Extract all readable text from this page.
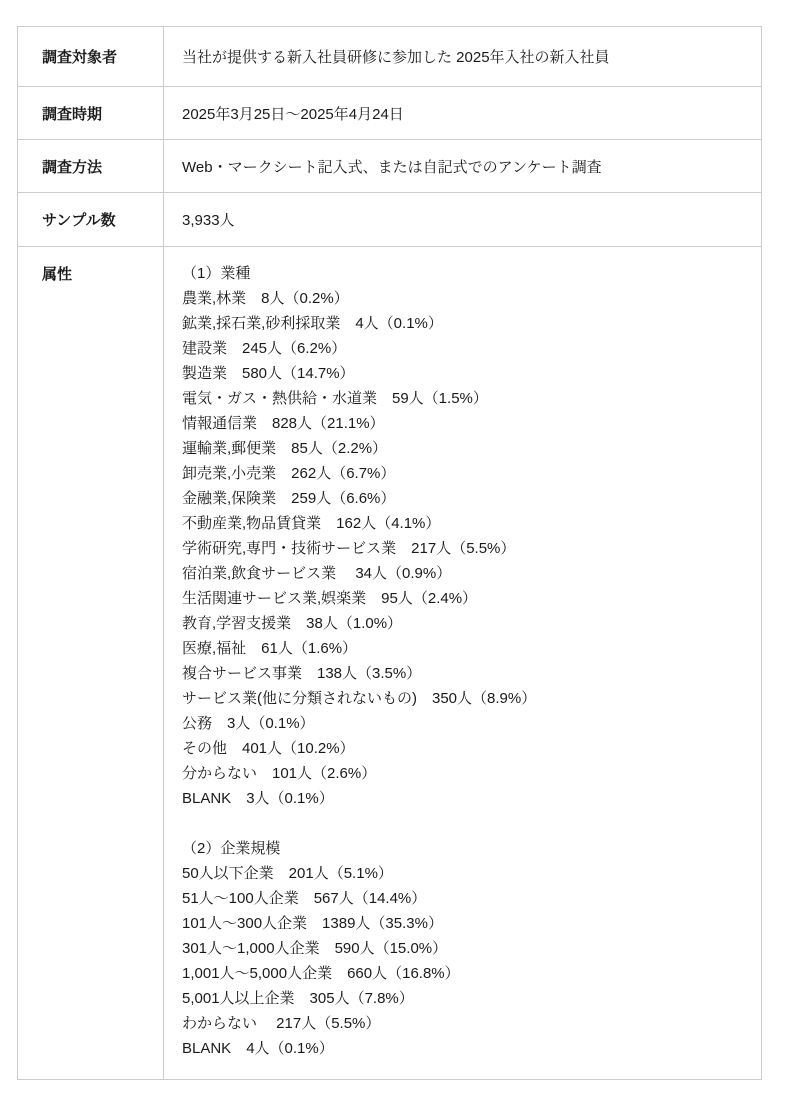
調査対象者	当社が提供する新入社員研修に参加した 2025年入社の新入社員
調査時期	2025年3月25日～2025年4月24日
調査方法	Web・マークシート記入式、または自記式でのアンケート調査
サンプル数	3,933人
属性	（1）業種
農業,林業　8人（0.2%）
鉱業,採石業,砂利採取業　4人（0.1%）
建設業　245人（6.2%）
製造業　580人（14.7%）
電気・ガス・熱供給・水道業　59人（1.5%）
情報通信業　828人（21.1%）
運輸業,郵便業　85人（2.2%）
卸売業,小売業　262人（6.7%）
金融業,保険業　259人（6.6%）
不動産業,物品賃貸業　162人（4.1%）
学術研究,専門・技術サービス業　217人（5.5%）
宿泊業,飲食サービス業　 34人（0.9%）
生活関連サービス業,娯楽業　95人（2.4%）
教育,学習支援業　38人（1.0%）
医療,福祉　61人（1.6%）
複合サービス事業　138人（3.5%）
サービス業(他に分類されないもの)　350人（8.9%）
公務　3人（0.1%）
その他　401人（10.2%）
分からない　101人（2.6%）
BLANK　3人（0.1%）
（2）企業規模
50人以下企業　201人（5.1%）
51人～100人企業　567人（14.4%）
101人～300人企業　1389人（35.3%）
301人～1,000人企業　590人（15.0%）
1,001人～5,000人企業　660人（16.8%）
5,001人以上企業　305人（7.8%）
わからない　 217人（5.5%）
BLANK　4人（0.1%）
